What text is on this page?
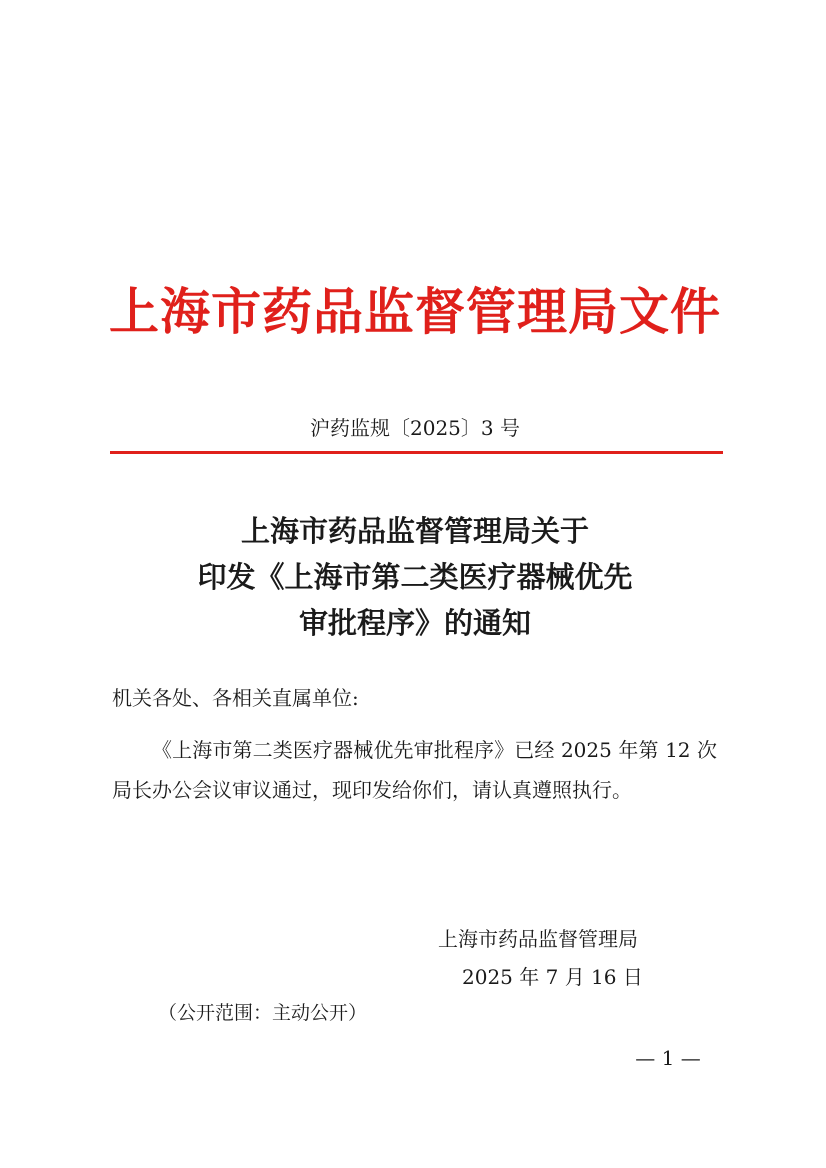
上海市药品监督管理局文件
沪药监规〔2025〕3 号
上海市药品监督管理局关于
印发《上海市第二类医疗器械优先
审批程序》的通知
机关各处、各相关直属单位:

《上海市第二类医疗器械优先审批程序》已经 2025 年第 12 次局长办公会议审议通过，现印发给你们，请认真遵照执行。

上海市药品监督管理局
2025 年 7 月 16 日
（公开范围：主动公开）
— 1 —
